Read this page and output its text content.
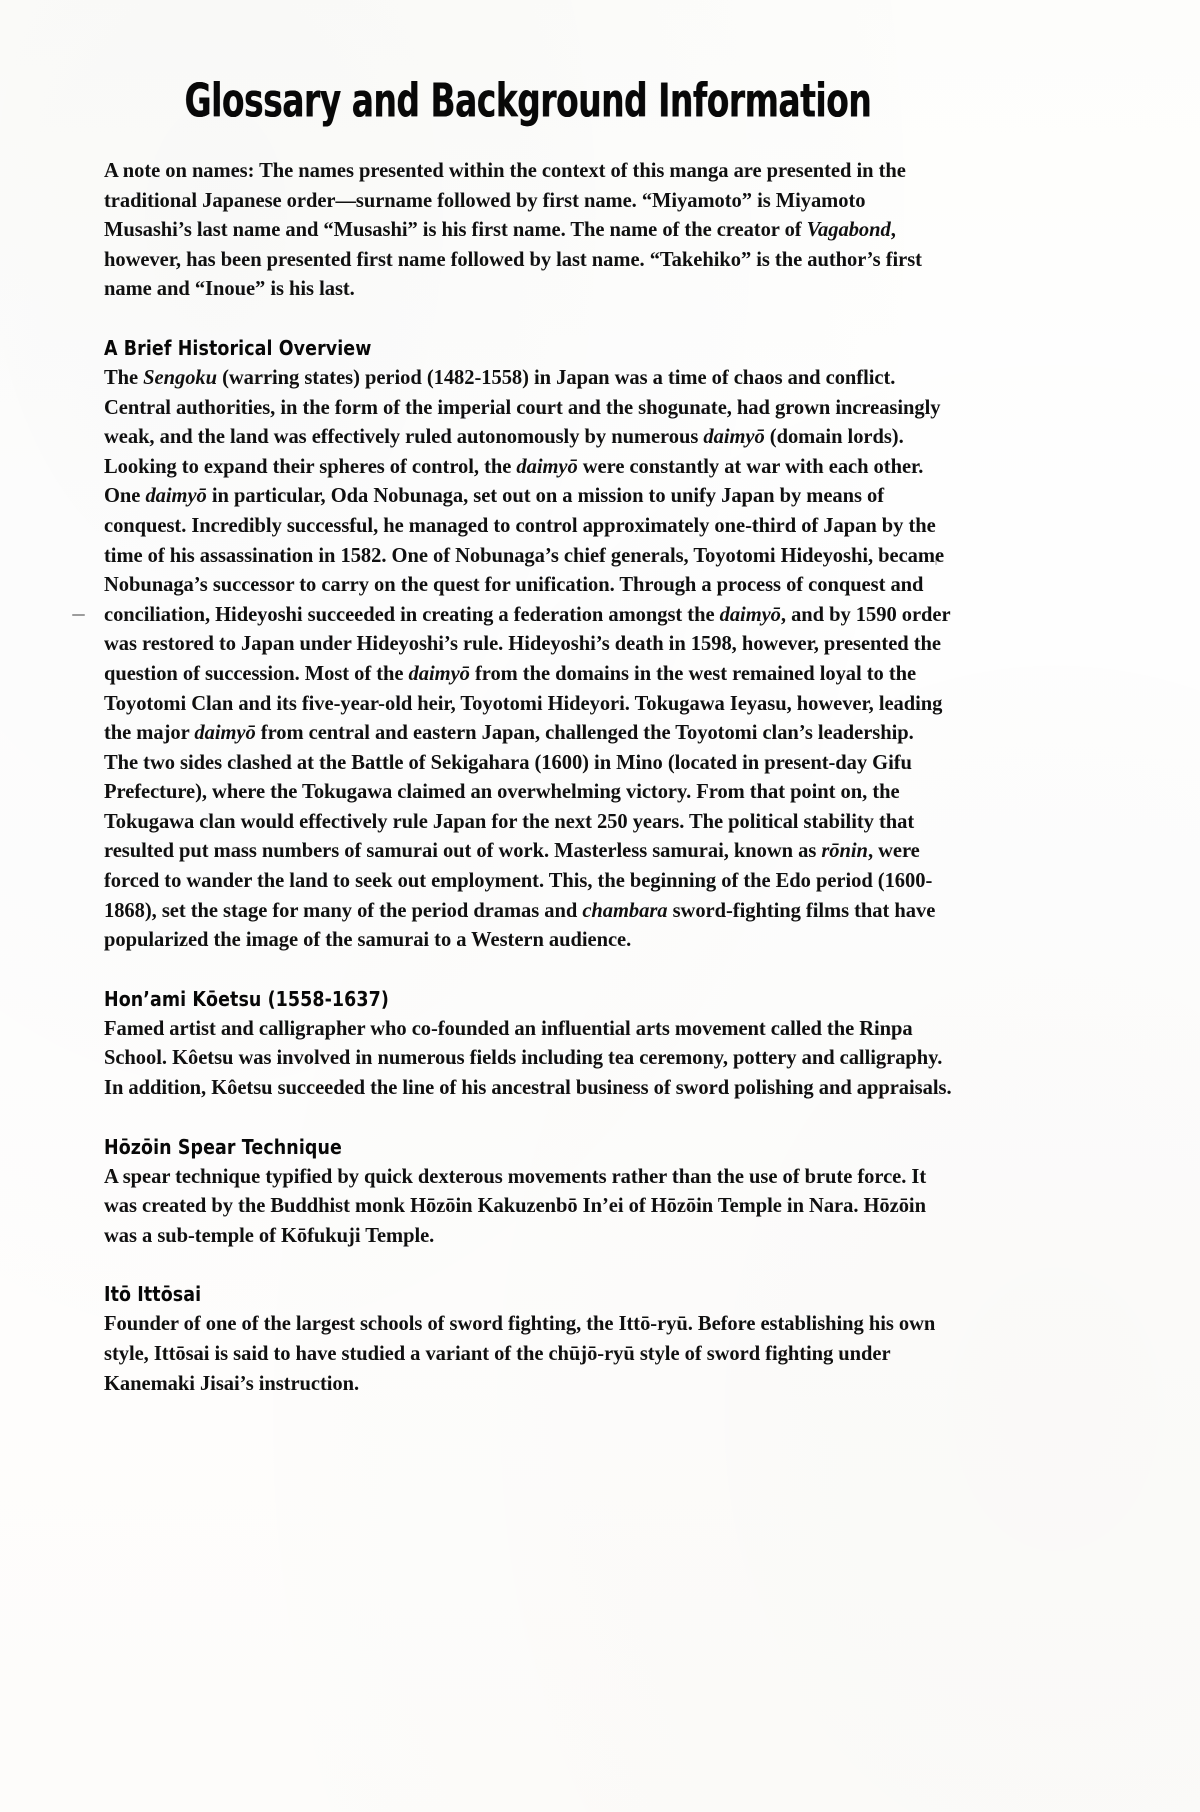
Glossary and Background Information

A note on names: The names presented within the context of this manga are presented in the traditional Japanese order—surname followed by first name. “Miyamoto” is Miyamoto Musashi’s last name and “Musashi” is his first name. The name of the creator of Vagabond, however, has been presented first name followed by last name. “Takehiko” is the author’s first name and “Inoue” is his last.

A Brief Historical Overview

The Sengoku (warring states) period (1482-1558) in Japan was a time of chaos and conflict. Central authorities, in the form of the imperial court and the shogunate, had grown increasingly weak, and the land was effectively ruled autonomously by numerous daimyō (domain lords). Looking to expand their spheres of control, the daimyō were constantly at war with each other. One daimyō in particular, Oda Nobunaga, set out on a mission to unify Japan by means of conquest. Incredibly successful, he managed to control approximately one-third of Japan by the time of his assassination in 1582. One of Nobunaga’s chief generals, Toyotomi Hideyoshi, became Nobunaga’s successor to carry on the quest for unification. Through a process of conquest and conciliation, Hideyoshi succeeded in creating a federation amongst the daimyō, and by 1590 order was restored to Japan under Hideyoshi’s rule. Hideyoshi’s death in 1598, however, presented the question of succession. Most of the daimyō from the domains in the west remained loyal to the Toyotomi Clan and its five-year-old heir, Toyotomi Hideyori. Tokugawa Ieyasu, however, leading the major daimyō from central and eastern Japan, challenged the Toyotomi clan’s leadership. The two sides clashed at the Battle of Sekigahara (1600) in Mino (located in present-day Gifu Prefecture), where the Tokugawa claimed an overwhelming victory. From that point on, the Tokugawa clan would effectively rule Japan for the next 250 years. The political stability that resulted put mass numbers of samurai out of work. Masterless samurai, known as rōnin, were forced to wander the land to seek out employment. This, the beginning of the Edo period (1600-1868), set the stage for many of the period dramas and chambara sword-fighting films that have popularized the image of the samurai to a Western audience.

Hon’ami Kōetsu (1558-1637)

Famed artist and calligrapher who co-founded an influential arts movement called the Rinpa School. Kôetsu was involved in numerous fields including tea ceremony, pottery and calligraphy. In addition, Kôetsu succeeded the line of his ancestral business of sword polishing and appraisals.

Hōzōin Spear Technique

A spear technique typified by quick dexterous movements rather than the use of brute force. It was created by the Buddhist monk Hōzōin Kakuzenbō In’ei of Hōzōin Temple in Nara. Hōzōin was a sub-temple of Kōfukuji Temple.

Itō Ittōsai

Founder of one of the largest schools of sword fighting, the Ittō-ryū. Before establishing his own style, Ittōsai is said to have studied a variant of the chūjō-ryū style of sword fighting under Kanemaki Jisai’s instruction.
